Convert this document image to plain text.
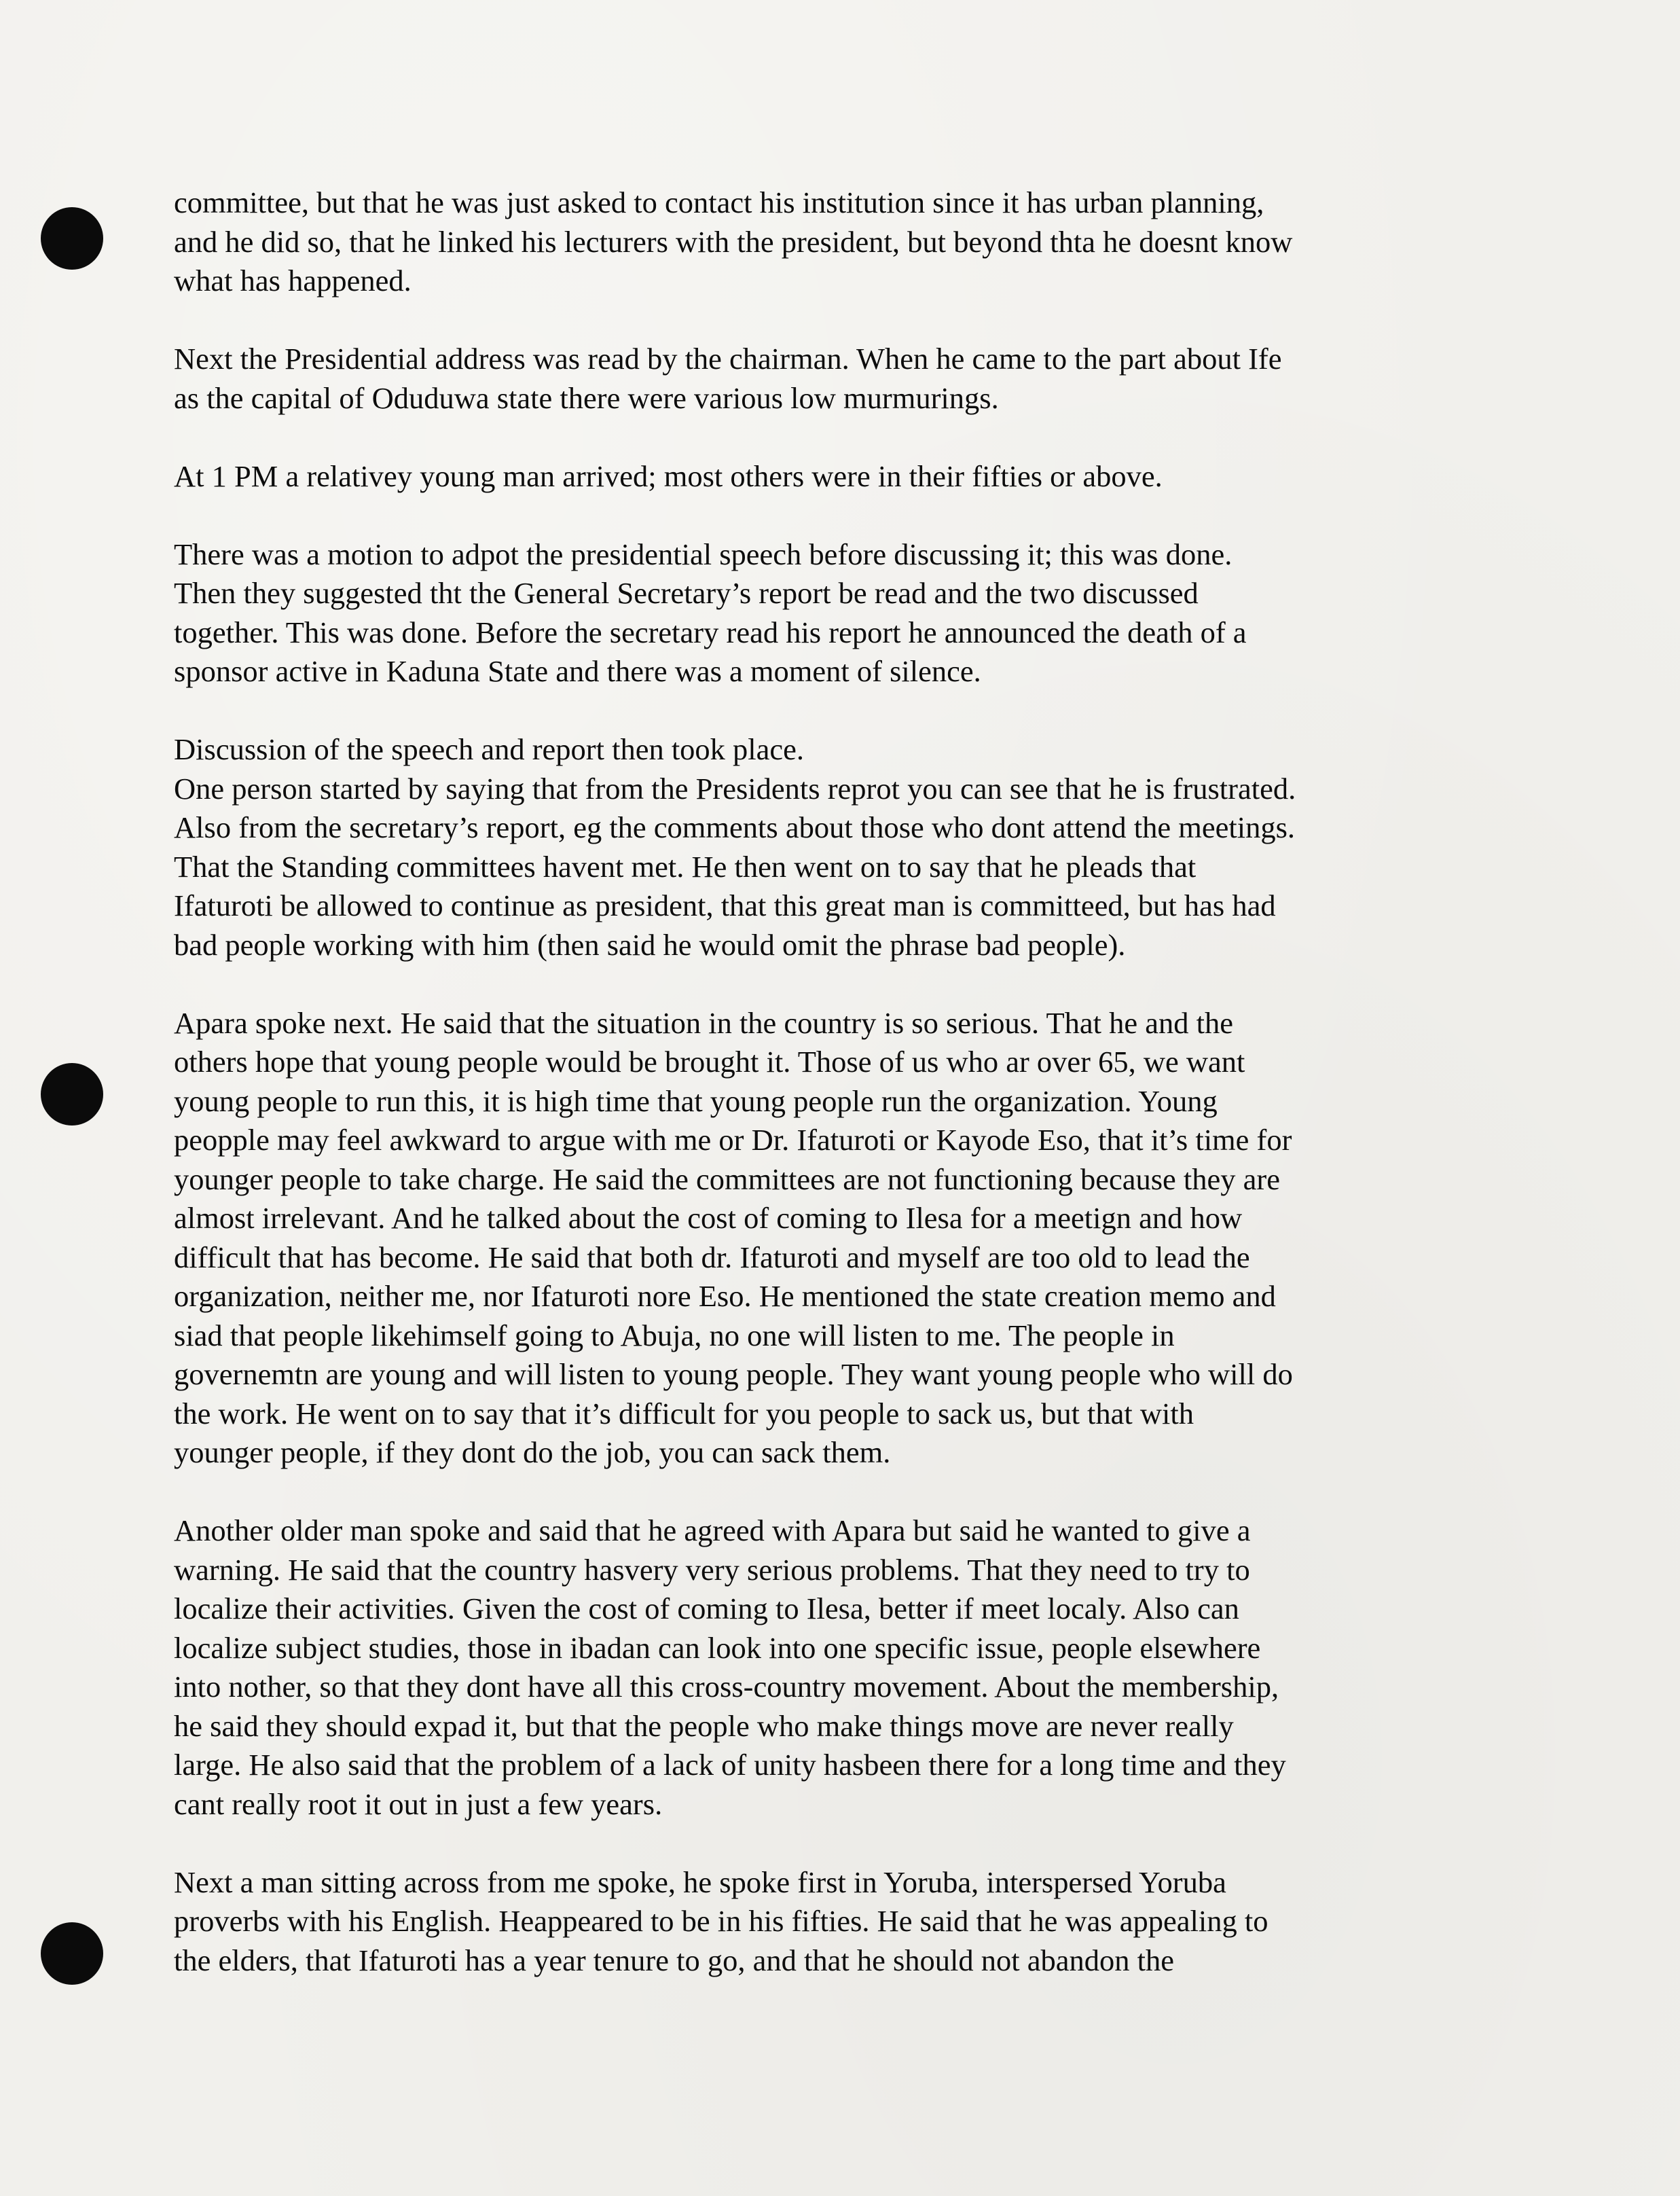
committee, but that he was just asked to contact his institution since it has urban planning,
and he did so, that he linked his lecturers with the president, but beyond thta he doesnt know
what has happened.
Next the Presidential address was read by the chairman. When he came to the part about Ife
as the capital of Oduduwa state there were various low murmurings.
At 1 PM a relativey young man arrived; most others were in their fifties or above.
There was a motion to adpot the presidential speech before discussing it; this was done.
Then they suggested tht the General Secretary’s report be read and the two discussed
together. This was done. Before the secretary read his report he announced the death of a
sponsor active in Kaduna State and there was a moment of silence.
Discussion of the speech and report then took place.
One person started by saying that from the Presidents reprot you can see that he is frustrated.
Also from the secretary’s report, eg the comments about those who dont attend the meetings.
That the Standing committees havent met. He then went on to say that he pleads that
Ifaturoti be allowed to continue as president, that this great man is committeed, but has had
bad people working with him (then said he would omit the phrase bad people).
Apara spoke next. He said that the situation in the country is so serious. That he and the
others hope that young people would be brought it. Those of us who ar over 65, we want
young people to run this, it is high time that young people run the organization. Young
peopple may feel awkward to argue with me or Dr. Ifaturoti or Kayode Eso, that it’s time for
younger people to take charge. He said the committees are not functioning because they are
almost irrelevant. And he talked about the cost of coming to Ilesa for a meetign and how
difficult that has become. He said that both dr. Ifaturoti and myself are too old to lead the
organization, neither me, nor Ifaturoti nore Eso. He mentioned the state creation memo and
siad that people likehimself going to Abuja, no one will listen to me. The people in
governemtn are young and will listen to young people. They want young people who will do
the work. He went on to say that it’s difficult for you people to sack us, but that with
younger people, if they dont do the job, you can sack them.
Another older man spoke and said that he agreed with Apara but said he wanted to give a
warning. He said that the country hasvery very serious problems. That they need to try to
localize their activities. Given the cost of coming to Ilesa, better if meet localy. Also can
localize subject studies, those in ibadan can look into one specific issue, people elsewhere
into nother, so that they dont have all this cross-country movement. About the membership,
he said they should expad it, but that the people who make things move are never really
large. He also said that the problem of a lack of unity hasbeen there for a long time and they
cant really root it out in just a few years.
Next a man sitting across from me spoke, he spoke first in Yoruba, interspersed Yoruba
proverbs with his English. Heappeared to be in his fifties. He said that he was appealing to
the elders, that Ifaturoti has a year tenure to go, and that he should not abandon the
